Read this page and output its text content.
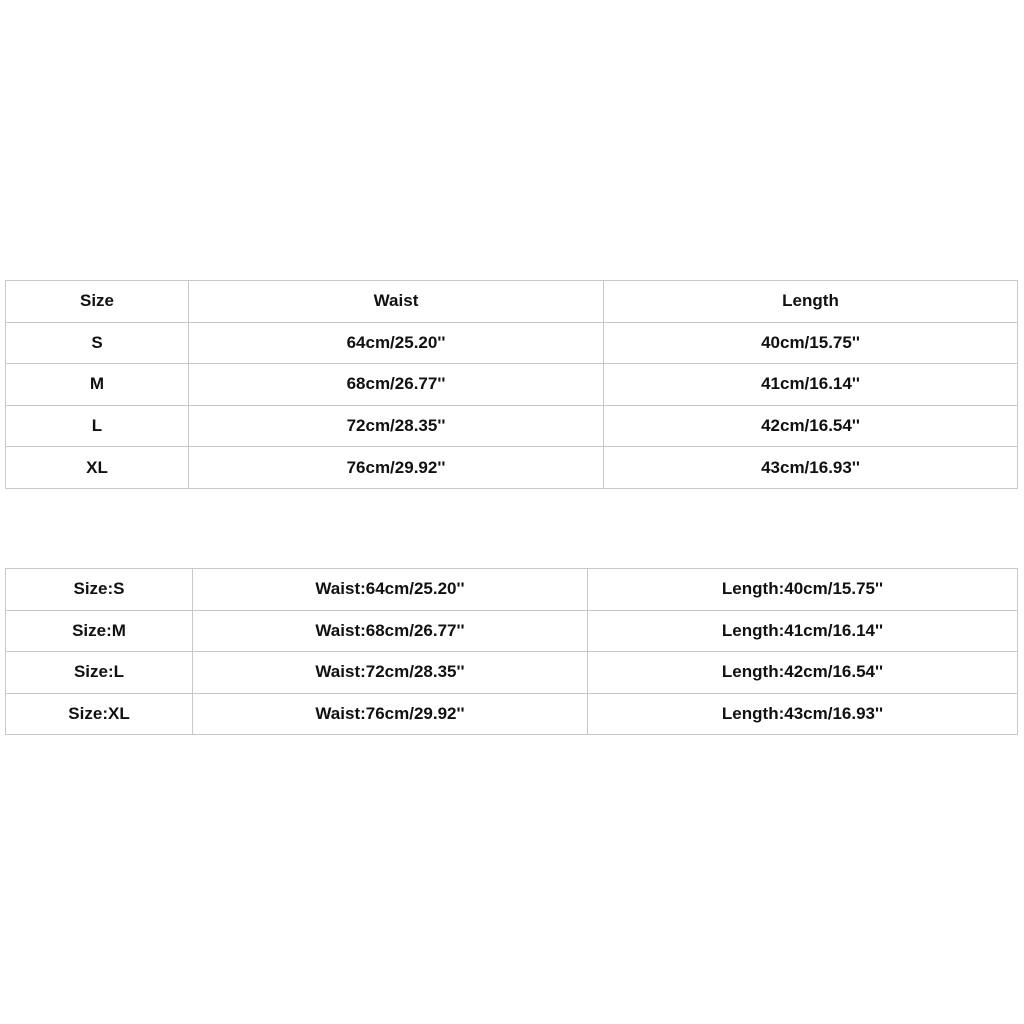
Size	Waist	Length
S	64cm/25.20''	40cm/15.75''
M	68cm/26.77''	41cm/16.14''
L	72cm/28.35''	42cm/16.54''
XL	76cm/29.92''	43cm/16.93''
Size:S	Waist:64cm/25.20''	Length:40cm/15.75''
Size:M	Waist:68cm/26.77''	Length:41cm/16.14''
Size:L	Waist:72cm/28.35''	Length:42cm/16.54''
Size:XL	Waist:76cm/29.92''	Length:43cm/16.93''
